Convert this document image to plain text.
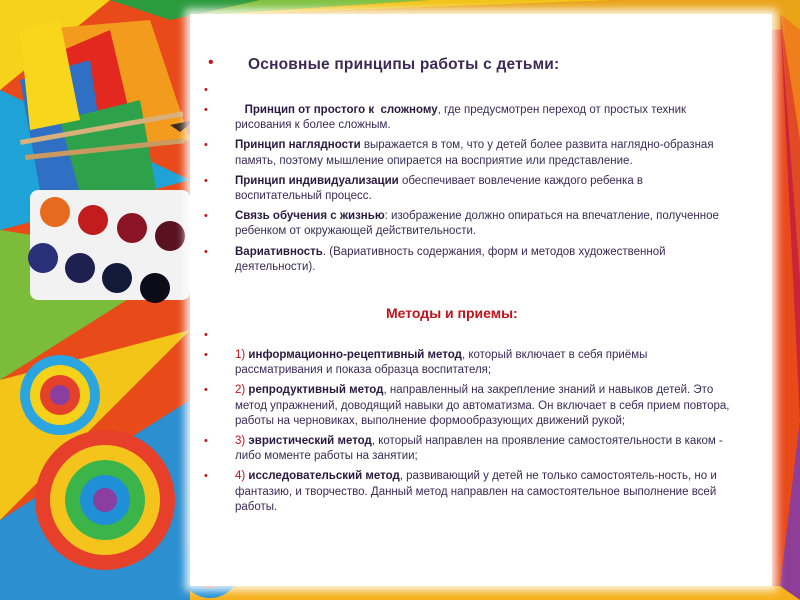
• Основные принципы работы с детьми:
•
• Принцип от простого к  сложному, где предусмотрен переход от простых техник рисования к более сложным.
• Принцип наглядности выражается в том, что у детей более развита наглядно-образная память, поэтому мышление опирается на восприятие или представление.
• Принцип индивидуализации обеспечивает вовлечение каждого ребенка в воспитательный процесс.
• Связь обучения с жизнью: изображение должно опираться на впечатление, полученное ребенком от окружающей действительности.
• Вариативность. (Вариативность содержания, форм и методов художественной деятельности).
Методы и приемы:
•
• 1) информационно-рецептивный метод, который включает в себя приёмы рассматривания и показа образца воспитателя;
• 2) репродуктивный метод, направленный на закрепление знаний и навыков детей. Это метод упражнений, доводящий навыки до автоматизма. Он включает в себя прием повтора, работы на черновиках, выполнение формообразующих движений рукой;
• 3) эвристический метод, который направлен на проявление самостоятельности в каком - либо моменте работы на занятии;
• 4) исследовательский метод, развивающий у детей не только самостоятель-ность, но и фантазию, и творчество. Данный метод направлен на самостоятельное выполнение всей работы.
